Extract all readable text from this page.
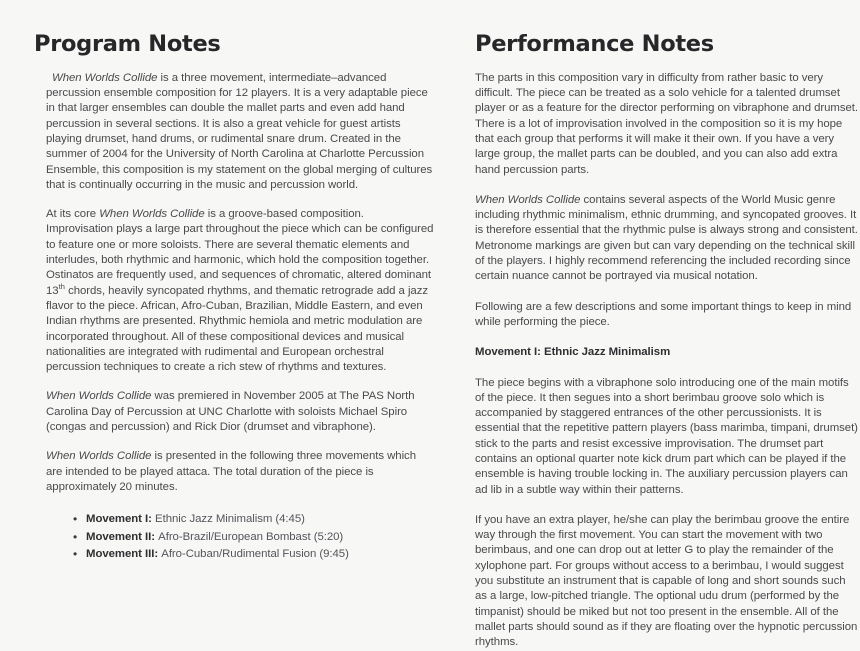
Program Notes

When Worlds Collide is a three movement, intermediate–advanced percussion ensemble composition for 12 players. It is a very adaptable piece in that larger ensembles can double the mallet parts and even add hand percussion in several sections. It is also a great vehicle for guest artists playing drumset, hand drums, or rudimental snare drum. Created in the summer of 2004 for the University of North Carolina at Charlotte Percussion Ensemble, this composition is my statement on the global merging of cultures that is continually occurring in the music and percussion world.

At its core When Worlds Collide is a groove-based composition. Improvisation plays a large part throughout the piece which can be configured to feature one or more soloists. There are several thematic elements and interludes, both rhythmic and harmonic, which hold the composition together. Ostinatos are frequently used, and sequences of chromatic, altered dominant 13th chords, heavily syncopated rhythms, and thematic retrograde add a jazz flavor to the piece. African, Afro-Cuban, Brazilian, Middle Eastern, and even Indian rhythms are presented. Rhythmic hemiola and metric modulation are incorporated throughout. All of these compositional devices and musical nationalities are integrated with rudimental and European orchestral percussion techniques to create a rich stew of rhythms and textures.

When Worlds Collide was premiered in November 2005 at The PAS North Carolina Day of Percussion at UNC Charlotte with soloists Michael Spiro (congas and percussion) and Rick Dior (drumset and vibraphone).

When Worlds Collide is presented in the following three movements which are intended to be played attaca. The total duration of the piece is approximately 20 minutes.

• Movement I: Ethnic Jazz Minimalism (4:45)
• Movement II: Afro-Brazil/European Bombast (5:20)
• Movement III: Afro-Cuban/Rudimental Fusion (9:45)
Performance Notes

The parts in this composition vary in difficulty from rather basic to very difficult. The piece can be treated as a solo vehicle for a talented drumset player or as a feature for the director performing on vibraphone and drumset. There is a lot of improvisation involved in the composition so it is my hope that each group that performs it will make it their own. If you have a very large group, the mallet parts can be doubled, and you can also add extra hand percussion parts.

When Worlds Collide contains several aspects of the World Music genre including rhythmic minimalism, ethnic drumming, and syncopated grooves. It is therefore essential that the rhythmic pulse is always strong and consistent. Metronome markings are given but can vary depending on the technical skill of the players. I highly recommend referencing the included recording since certain nuance cannot be portrayed via musical notation.

Following are a few descriptions and some important things to keep in mind while performing the piece.

Movement I: Ethnic Jazz Minimalism

The piece begins with a vibraphone solo introducing one of the main motifs of the piece. It then segues into a short berimbau groove solo which is accompanied by staggered entrances of the other percussionists. It is essential that the repetitive pattern players (bass marimba, timpani, drumset) stick to the parts and resist excessive improvisation. The drumset part contains an optional quarter note kick drum part which can be played if the ensemble is having trouble locking in. The auxiliary percussion players can ad lib in a subtle way within their patterns.

If you have an extra player, he/she can play the berimbau groove the entire way through the first movement. You can start the movement with two berimbaus, and one can drop out at letter G to play the remainder of the xylophone part. For groups without access to a berimbau, I would suggest you substitute an instrument that is capable of long and short sounds such as a large, low-pitched triangle. The optional udu drum (performed by the timpanist) should be miked but not too present in the ensemble. All of the mallet parts should sound as if they are floating over the hypnotic percussion rhythms.
